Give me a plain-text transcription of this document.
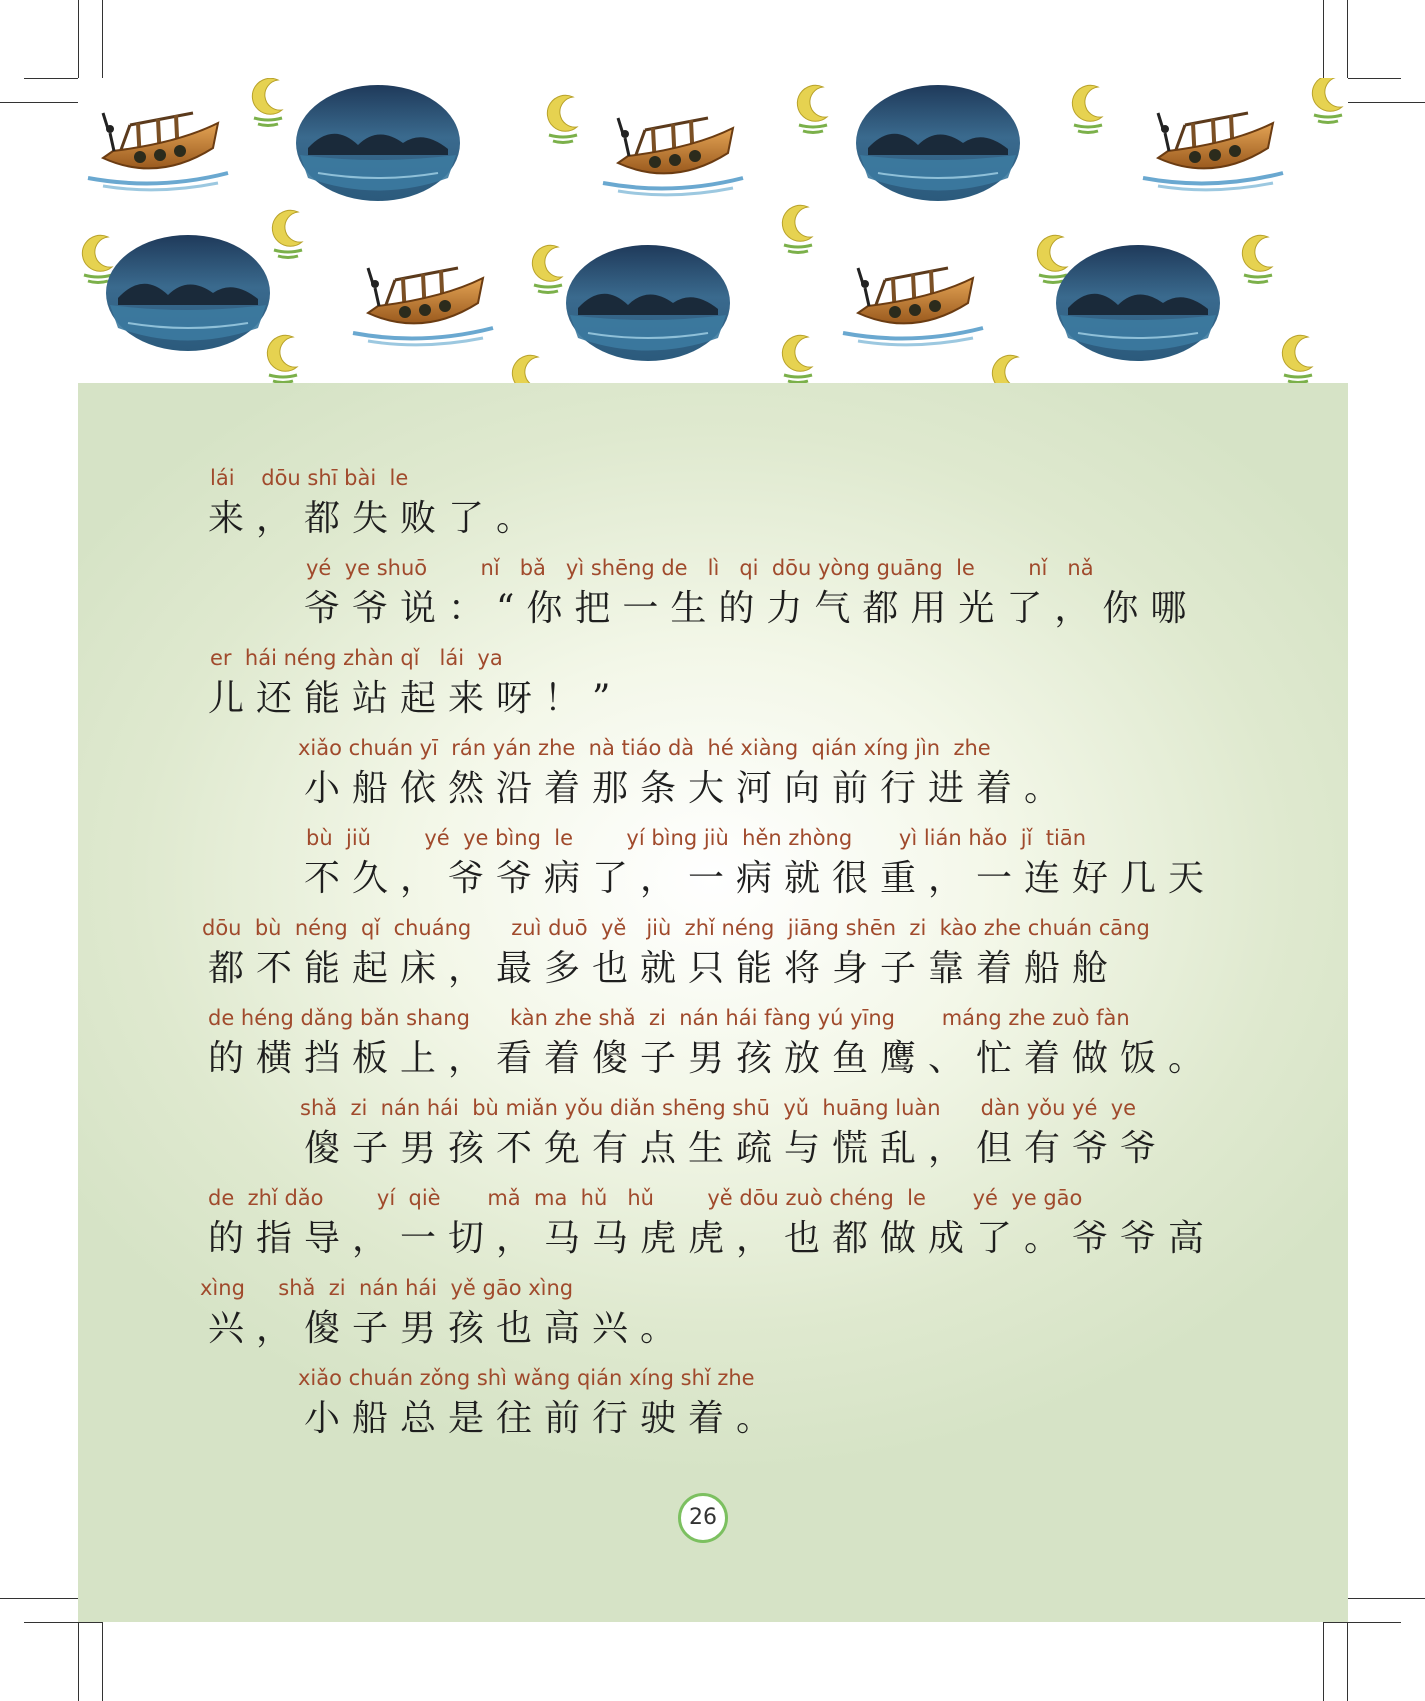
lái    dōu shī bài  le
来，都失败了。
yé  ye shuō        nǐ   bǎ   yì shēng de   lì   qi  dōu yòng guāng  le        nǐ   nǎ
爷爷说：“你把一生的力气都用光了，你哪
er  hái néng zhàn qǐ   lái  ya
儿还能站起来呀！”
xiǎo chuán yī  rán yán zhe  nà tiáo dà  hé xiàng  qián xíng jìn  zhe
小船依然沿着那条大河向前行进着。
bù  jiǔ        yé  ye bìng  le        yí bìng jiù  hěn zhòng       yì lián hǎo  jǐ  tiān
不久，爷爷病了，一病就很重，一连好几天
dōu  bù  néng  qǐ  chuáng      zuì duō  yě   jiù  zhǐ néng  jiāng shēn  zi  kào zhe chuán cāng
都不能起床，最多也就只能将身子靠着船舱
de héng dǎng bǎn shang      kàn zhe shǎ  zi  nán hái fàng yú yīng       máng zhe zuò fàn
的横挡板上，看着傻子男孩放鱼鹰、忙着做饭。
shǎ  zi  nán hái  bù miǎn yǒu diǎn shēng shū  yǔ  huāng luàn      dàn yǒu yé  ye
傻子男孩不免有点生疏与慌乱，但有爷爷
de  zhǐ dǎo        yí  qiè       mǎ  ma  hǔ   hǔ        yě dōu zuò chéng  le       yé  ye gāo
的指导，一切，马马虎虎，也都做成了。爷爷高
xìng     shǎ  zi  nán hái  yě gāo xìng
兴，傻子男孩也高兴。
xiǎo chuán zǒng shì wǎng qián xíng shǐ zhe
小船总是往前行驶着。
26
